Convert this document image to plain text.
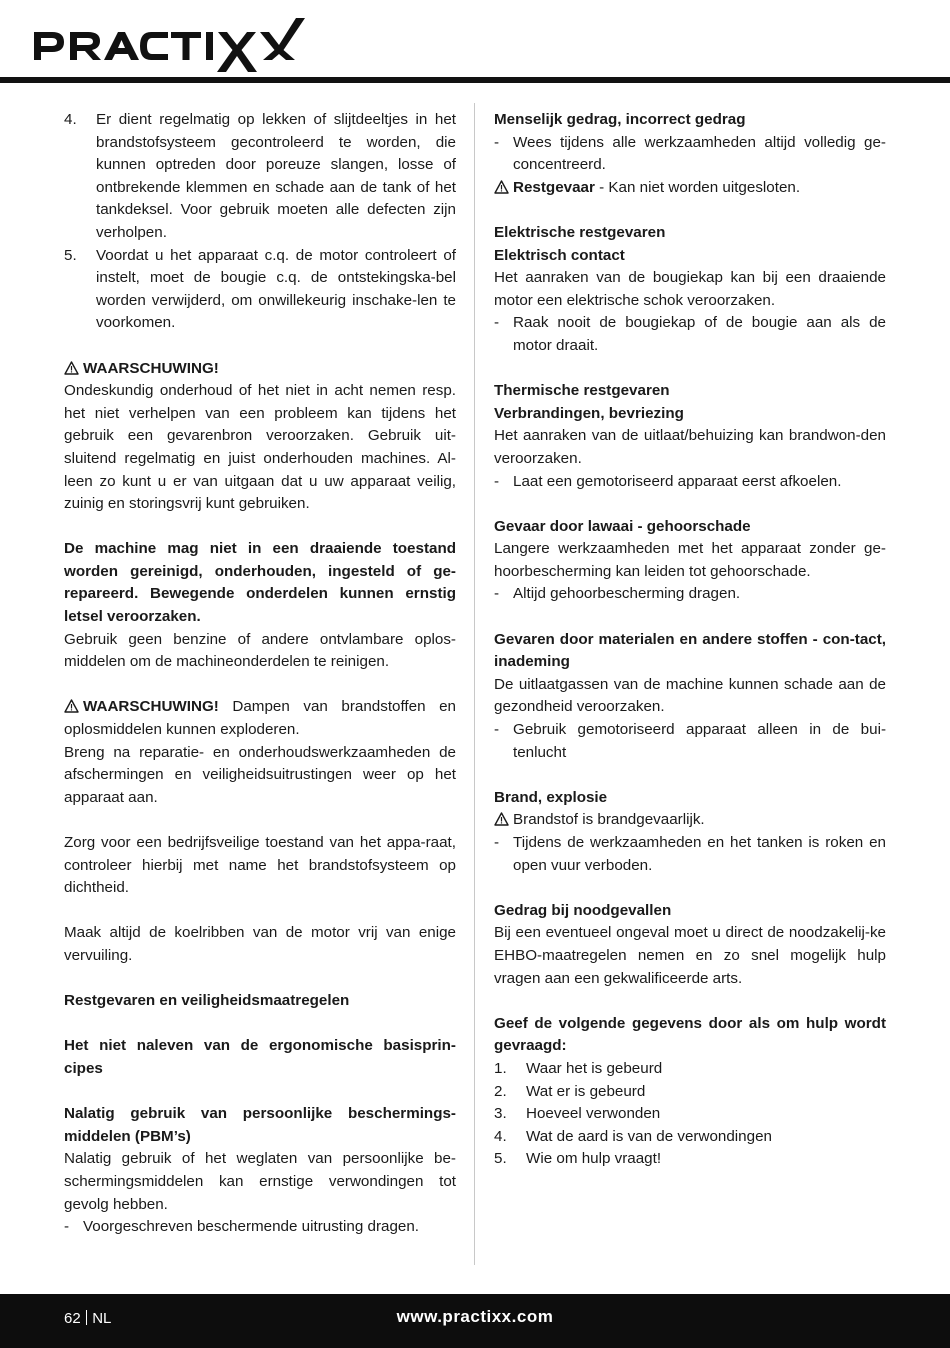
PRACTIXX
4. Er dient regelmatig op lekken of slijtdeeltjes in het brandstofsysteem gecontroleerd te worden, die kunnen optreden door poreuze slangen, losse of ontbrekende klemmen en schade aan de tank of het tankdeksel. Voor gebruik moeten alle defecten zijn verholpen.
5. Voordat u het apparaat c.q. de motor controleert of instelt, moet de bougie c.q. de ontstekingska-bel worden verwijderd, om onwillekeurig inschake-len te voorkomen.

WAARSCHUWING!

Ondeskundig onderhoud of het niet in acht nemen resp. het niet verhelpen van een probleem kan tijdens het gebruik een gevarenbron veroorzaken. Gebruik uit-sluitend regelmatig en juist onderhouden machines. Al-leen zo kunt u er van uitgaan dat u uw apparaat veilig, zuinig en storingsvrij kunt gebruiken.

De machine mag niet in een draaiende toestand worden gereinigd, onderhouden, ingesteld of ge-repareerd. Bewegende onderdelen kunnen ernstig letsel veroorzaken.

Gebruik geen benzine of andere ontvlambare oplos-middelen om de machineonderdelen te reinigen.

WAARSCHUWING! Dampen van brandstoffen en oplosmiddelen kunnen exploderen.

Breng na reparatie- en onderhoudswerkzaamheden de afschermingen en veiligheidsuitrustingen weer op het apparaat aan.

Zorg voor een bedrijfsveilige toestand van het appa-raat, controleer hierbij met name het brandstofsysteem op dichtheid.

Maak altijd de koelribben van de motor vrij van enige vervuiling.

Restgevaren en veiligheidsmaatregelen

Het niet naleven van de ergonomische basisprin-cipes

Nalatig gebruik van persoonlijke beschermings-middelen (PBM’s)

Nalatig gebruik of het weglaten van persoonlijke be-schermingsmiddelen kan ernstige verwondingen tot gevolg hebben.

- Voorgeschreven beschermende uitrusting dragen.

Menselijk gedrag, incorrect gedrag

- Wees tijdens alle werkzaamheden altijd volledig ge-concentreerd.

Restgevaar - Kan niet worden uitgesloten.

Elektrische restgevaren

Elektrisch contact

Het aanraken van de bougiekap kan bij een draaiende motor een elektrische schok veroorzaken.

- Raak nooit de bougiekap of de bougie aan als de motor draait.

Thermische restgevaren

Verbrandingen, bevriezing

Het aanraken van de uitlaat/behuizing kan brandwon-den veroorzaken.

- Laat een gemotoriseerd apparaat eerst afkoelen.

Gevaar door lawaai - gehoorschade

Langere werkzaamheden met het apparaat zonder ge-hoorbescherming kan leiden tot gehoorschade.

- Altijd gehoorbescherming dragen.

Gevaren door materialen en andere stoffen - con-tact, inademing

De uitlaatgassen van de machine kunnen schade aan de gezondheid veroorzaken.

- Gebruik gemotoriseerd apparaat alleen in de bui-tenlucht

Brand, explosie

Brandstof is brandgevaarlijk.

- Tijdens de werkzaamheden en het tanken is roken en open vuur verboden.

Gedrag bij noodgevallen

Bij een eventueel ongeval moet u direct de noodzakelij-ke EHBO-maatregelen nemen en zo snel mogelijk hulp vragen aan een gekwalificeerde arts.

Geef de volgende gegevens door als om hulp wordt gevraagd:

1. Waar het is gebeurd
2. Wat er is gebeurd
3. Hoeveel verwonden
4. Wat de aard is van de verwondingen
5. Wie om hulp vraagt!
62 NL	www.practixx.com
